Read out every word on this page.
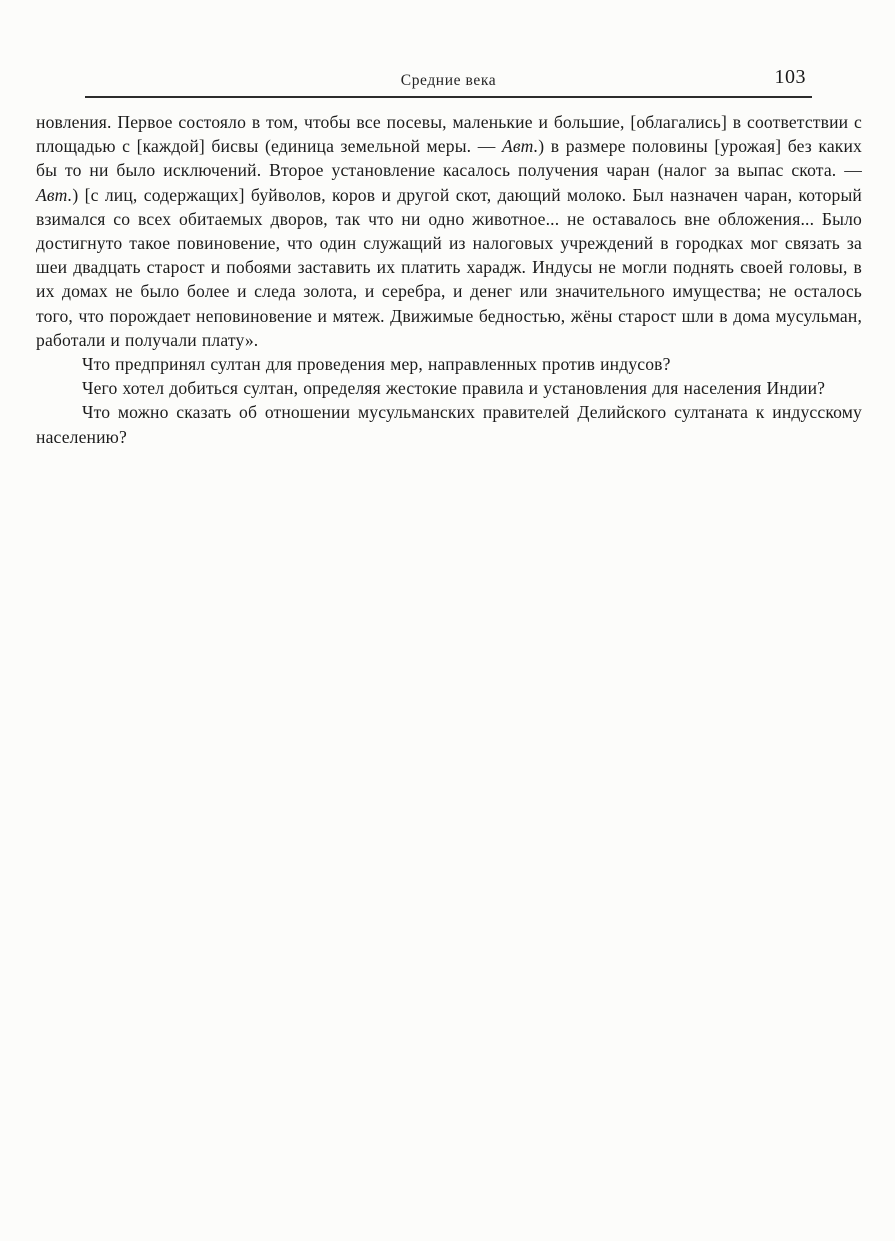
Средние века	103

новления. Первое состояло в том, чтобы все посевы, маленькие и большие, [облагались] в соответствии с площадью с [каждой] бисвы (единица земельной меры. — Авт.) в размере половины [урожая] без каких бы то ни было исключений. Второе установление касалось получения чаран (налог за выпас скота. — Авт.) [с лиц, содержащих] буйволов, коров и другой скот, дающий молоко. Был назначен чаран, который взимался со всех обитаемых дворов, так что ни одно животное... не оставалось вне обложения... Было достигнуто такое повиновение, что один служащий из налоговых учреждений в городках мог связать за шеи двадцать старост и побоями заставить их платить харадж. Индусы не могли поднять своей головы, в их домах не было более и следа золота, и серебра, и денег или значительного имущества; не осталось того, что порождает неповиновение и мятеж. Движимые бедностью, жёны старост шли в дома мусульман, работали и получали плату».

Что предпринял султан для проведения мер, направленных против индусов?

Чего хотел добиться султан, определяя жестокие правила и установления для населения Индии?

Что можно сказать об отношении мусульманских правителей Делийского султаната к индусскому населению?
